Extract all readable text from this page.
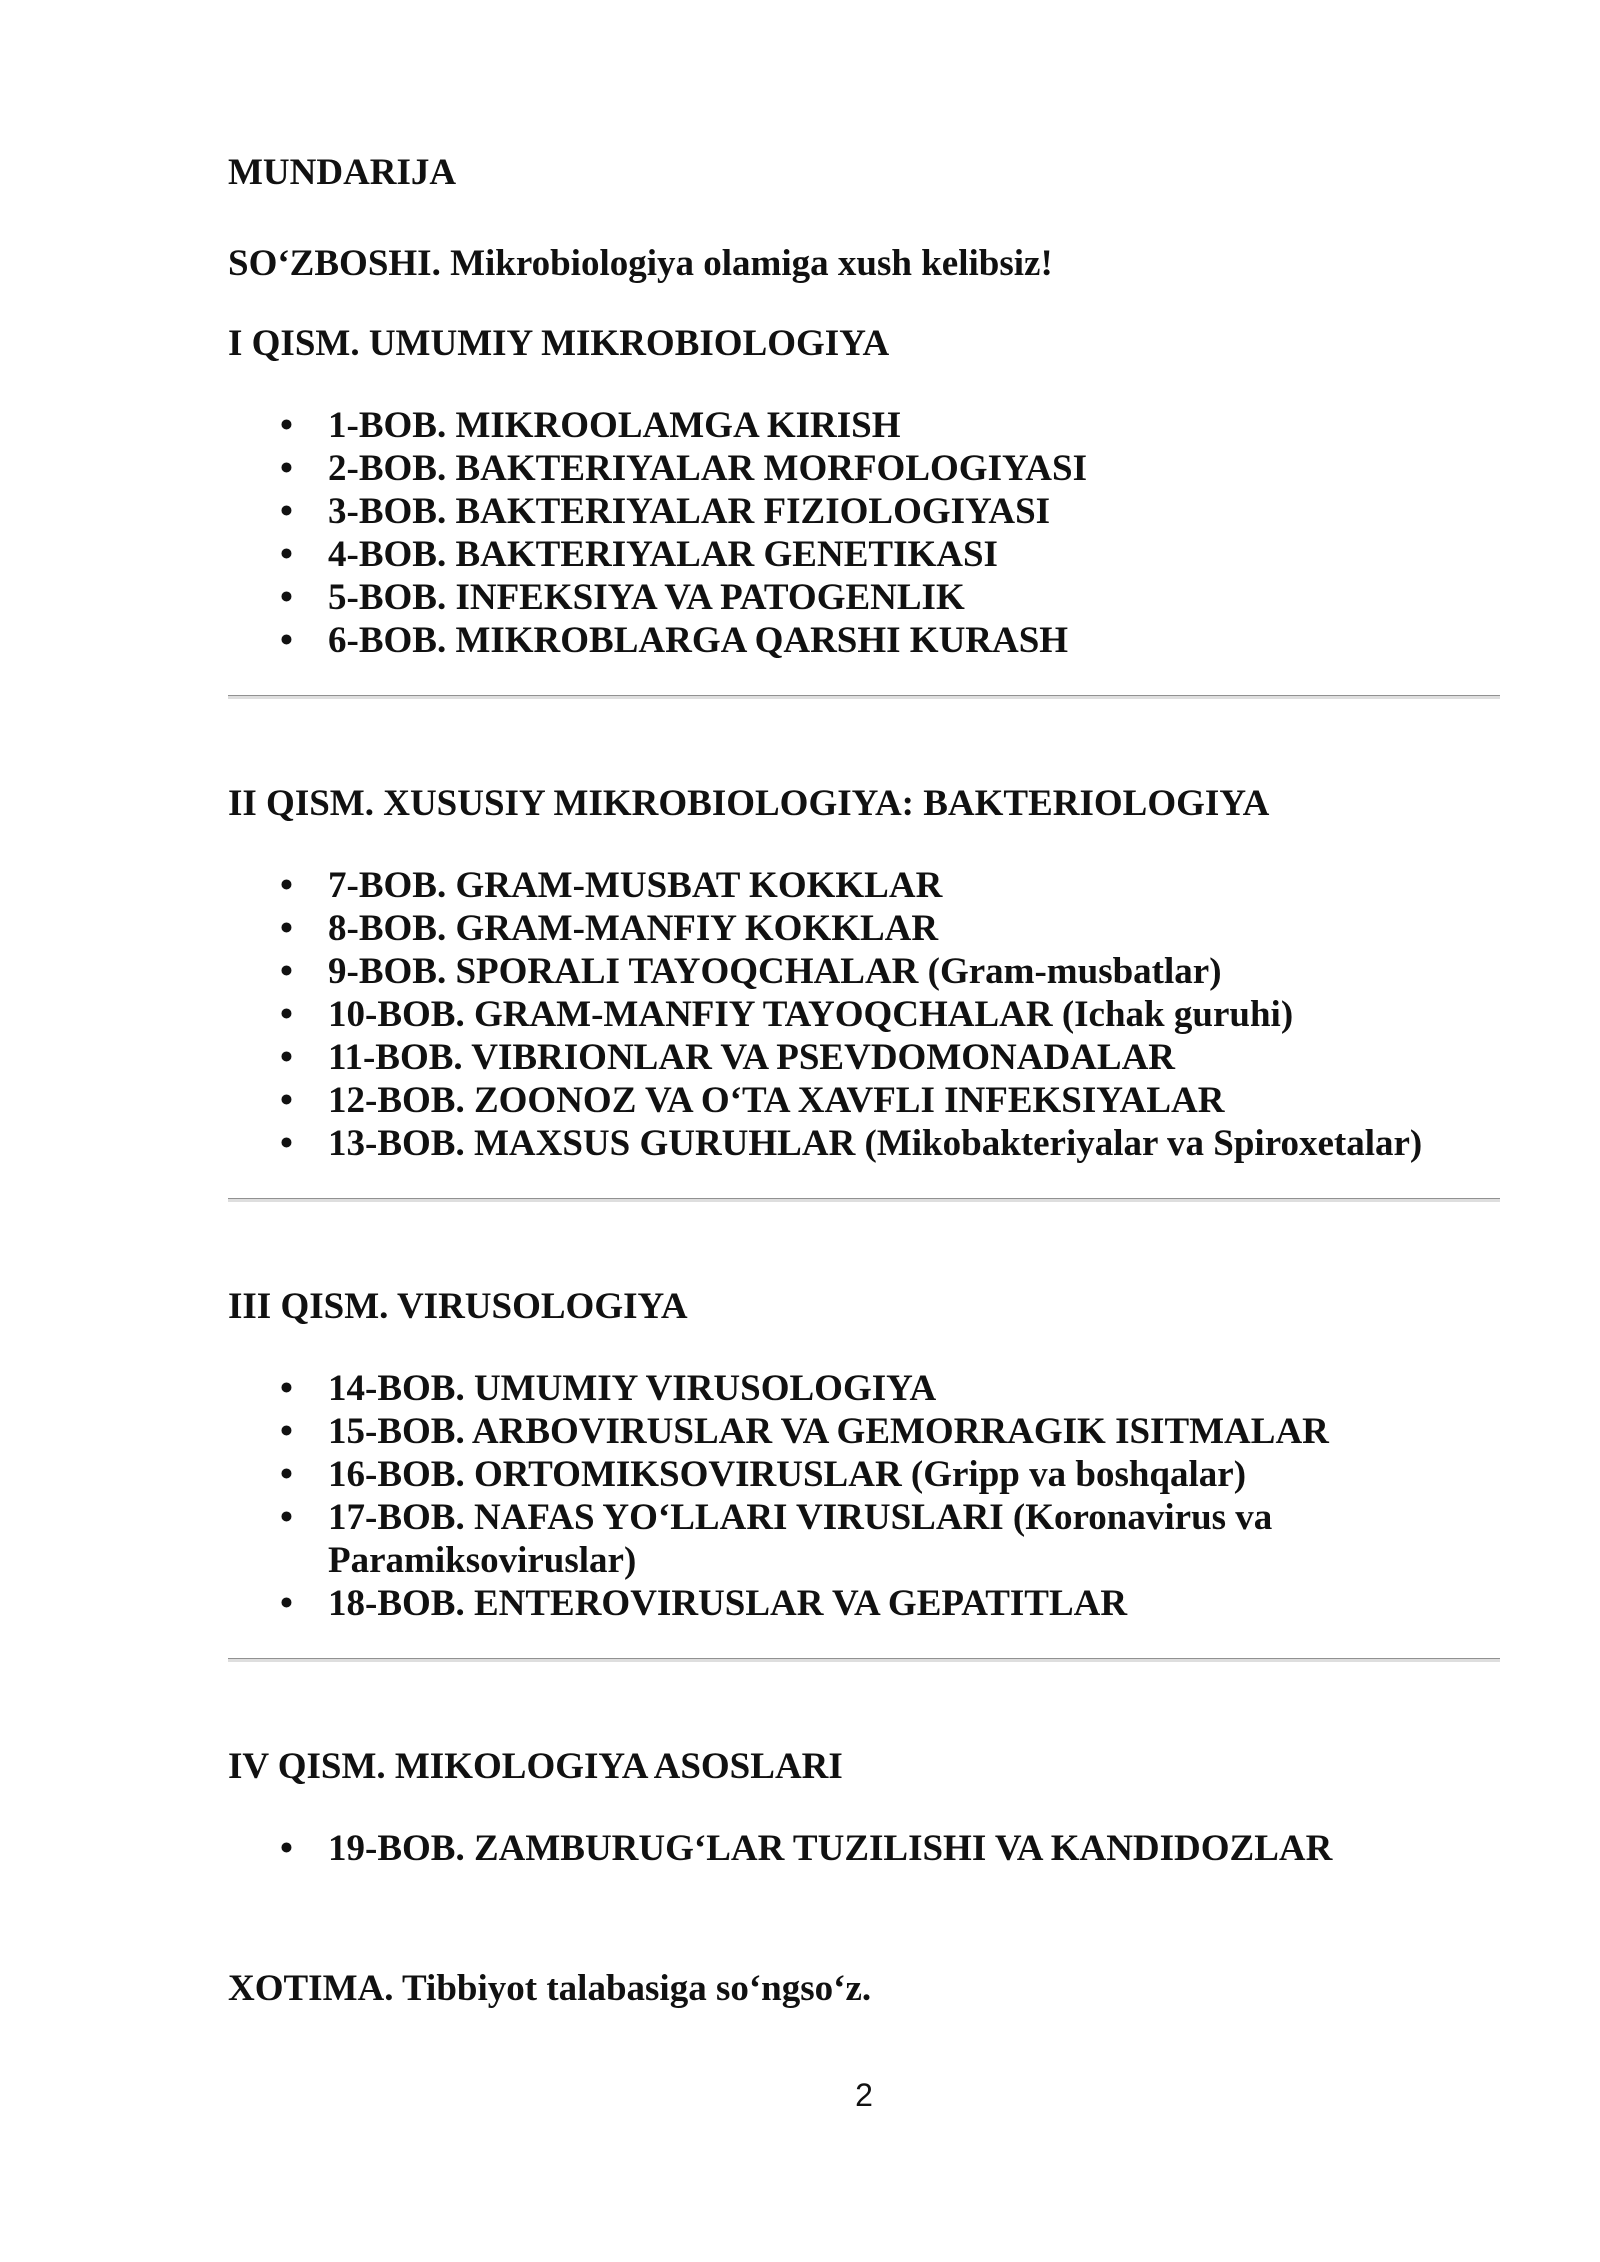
MUNDARIJA

SO‘ZBOSHI. Mikrobiologiya olamiga xush kelibsiz!

I QISM. UMUMIY MIKROBIOLOGIYA
• 1-BOB. MIKROOLAMGA KIRISH
• 2-BOB. BAKTERIYALAR MORFOLOGIYASI
• 3-BOB. BAKTERIYALAR FIZIOLOGIYASI
• 4-BOB. BAKTERIYALAR GENETIKASI
• 5-BOB. INFEKSIYA VA PATOGENLIK
• 6-BOB. MIKROBLARGA QARSHI KURASH
II QISM. XUSUSIY MIKROBIOLOGIYA: BAKTERIOLOGIYA
• 7-BOB. GRAM-MUSBAT KOKKLAR
• 8-BOB. GRAM-MANFIY KOKKLAR
• 9-BOB. SPORALI TAYOQCHALAR (Gram-musbatlar)
• 10-BOB. GRAM-MANFIY TAYOQCHALAR (Ichak guruhi)
• 11-BOB. VIBRIONLAR VA PSEVDOMONADALAR
• 12-BOB. ZOONOZ VA O‘TA XAVFLI INFEKSIYALAR
• 13-BOB. MAXSUS GURUHLAR (Mikobakteriyalar va Spiroxetalar)
III QISM. VIRUSOLOGIYA
• 14-BOB. UMUMIY VIRUSOLOGIYA
• 15-BOB. ARBOVIRUSLAR VA GEMORRAGIK ISITMALAR
• 16-BOB. ORTOMIKSOVIRUSLAR (Gripp va boshqalar)
• 17-BOB. NAFAS YO‘LLARI VIRUSLARI (Koronavirus va Paramiksoviruslar)
• 18-BOB. ENTEROVIRUSLAR VA GEPATITLAR
IV QISM. MIKOLOGIYA ASOSLARI
• 19-BOB. ZAMBURUG‘LAR TUZILISHI VA KANDIDOZLAR

XOTIMA. Tibbiyot talabasiga so‘ngso‘z.

2
